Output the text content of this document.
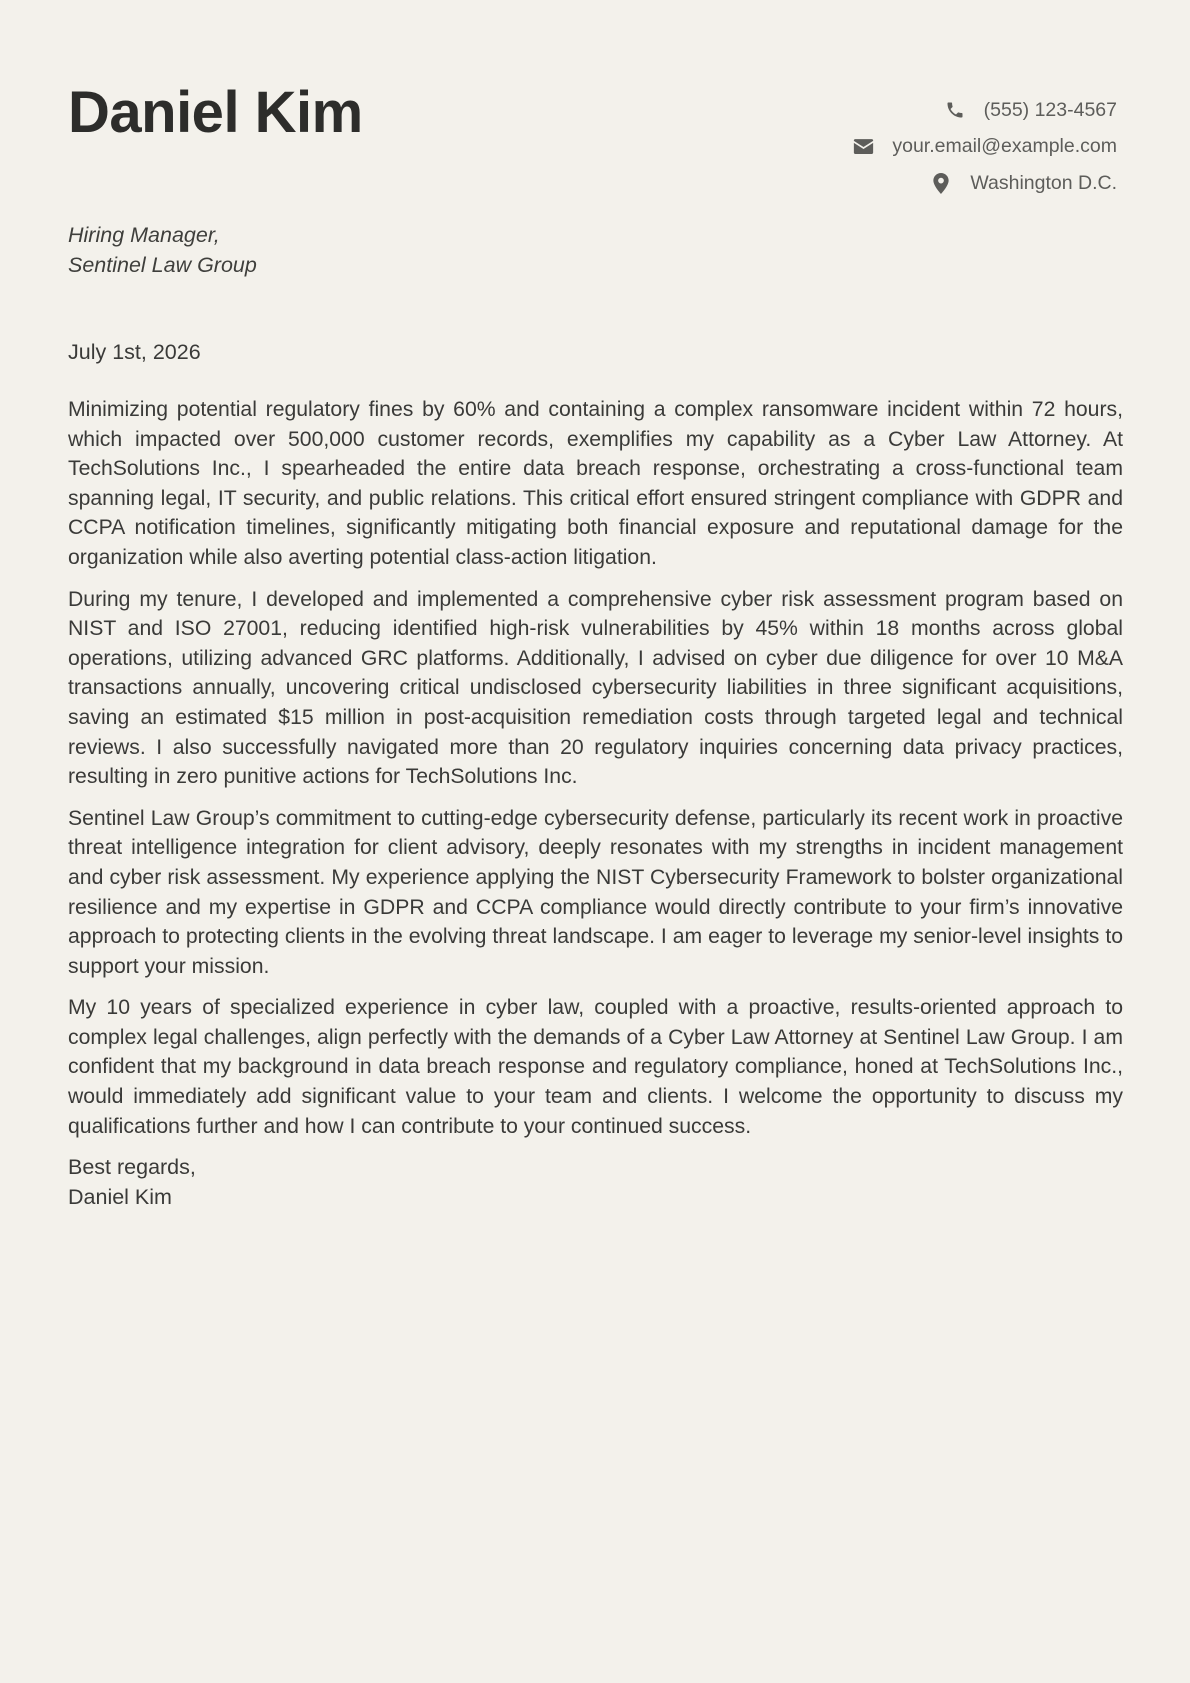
Daniel Kim	(555) 123-4567
your.email@example.com
Washington D.C.
Hiring Manager,
Sentinel Law Group
July 1st, 2026

Minimizing potential regulatory fines by 60% and containing a complex ransomware incident within 72 hours, which impacted over 500,000 customer records, exemplifies my capability as a Cyber Law Attorney. At TechSolutions Inc., I spearheaded the entire data breach response, orchestrating a cross-functional team spanning legal, IT security, and public relations. This critical effort ensured stringent compliance with GDPR and CCPA notification timelines, significantly mitigating both financial exposure and reputational damage for the organization while also averting potential class-action litigation.

During my tenure, I developed and implemented a comprehensive cyber risk assessment program based on NIST and ISO 27001, reducing identified high-risk vulnerabilities by 45% within 18 months across global operations, utilizing advanced GRC platforms. Additionally, I advised on cyber due diligence for over 10 M&A transactions annually, uncovering critical undisclosed cybersecurity liabilities in three significant acquisitions, saving an estimated $15 million in post-acquisition remediation costs through targeted legal and technical reviews. I also successfully navigated more than 20 regulatory inquiries concerning data privacy practices, resulting in zero punitive actions for TechSolutions Inc.

Sentinel Law Group’s commitment to cutting-edge cybersecurity defense, particularly its recent work in proactive threat intelligence integration for client advisory, deeply resonates with my strengths in incident management and cyber risk assessment. My experience applying the NIST Cybersecurity Framework to bolster organizational resilience and my expertise in GDPR and CCPA compliance would directly contribute to your firm’s innovative approach to protecting clients in the evolving threat landscape. I am eager to leverage my senior-level insights to support your mission.

My 10 years of specialized experience in cyber law, coupled with a proactive, results-oriented approach to complex legal challenges, align perfectly with the demands of a Cyber Law Attorney at Sentinel Law Group. I am confident that my background in data breach response and regulatory compliance, honed at TechSolutions Inc., would immediately add significant value to your team and clients. I welcome the opportunity to discuss my qualifications further and how I can contribute to your continued success.

Best regards,
Daniel Kim
